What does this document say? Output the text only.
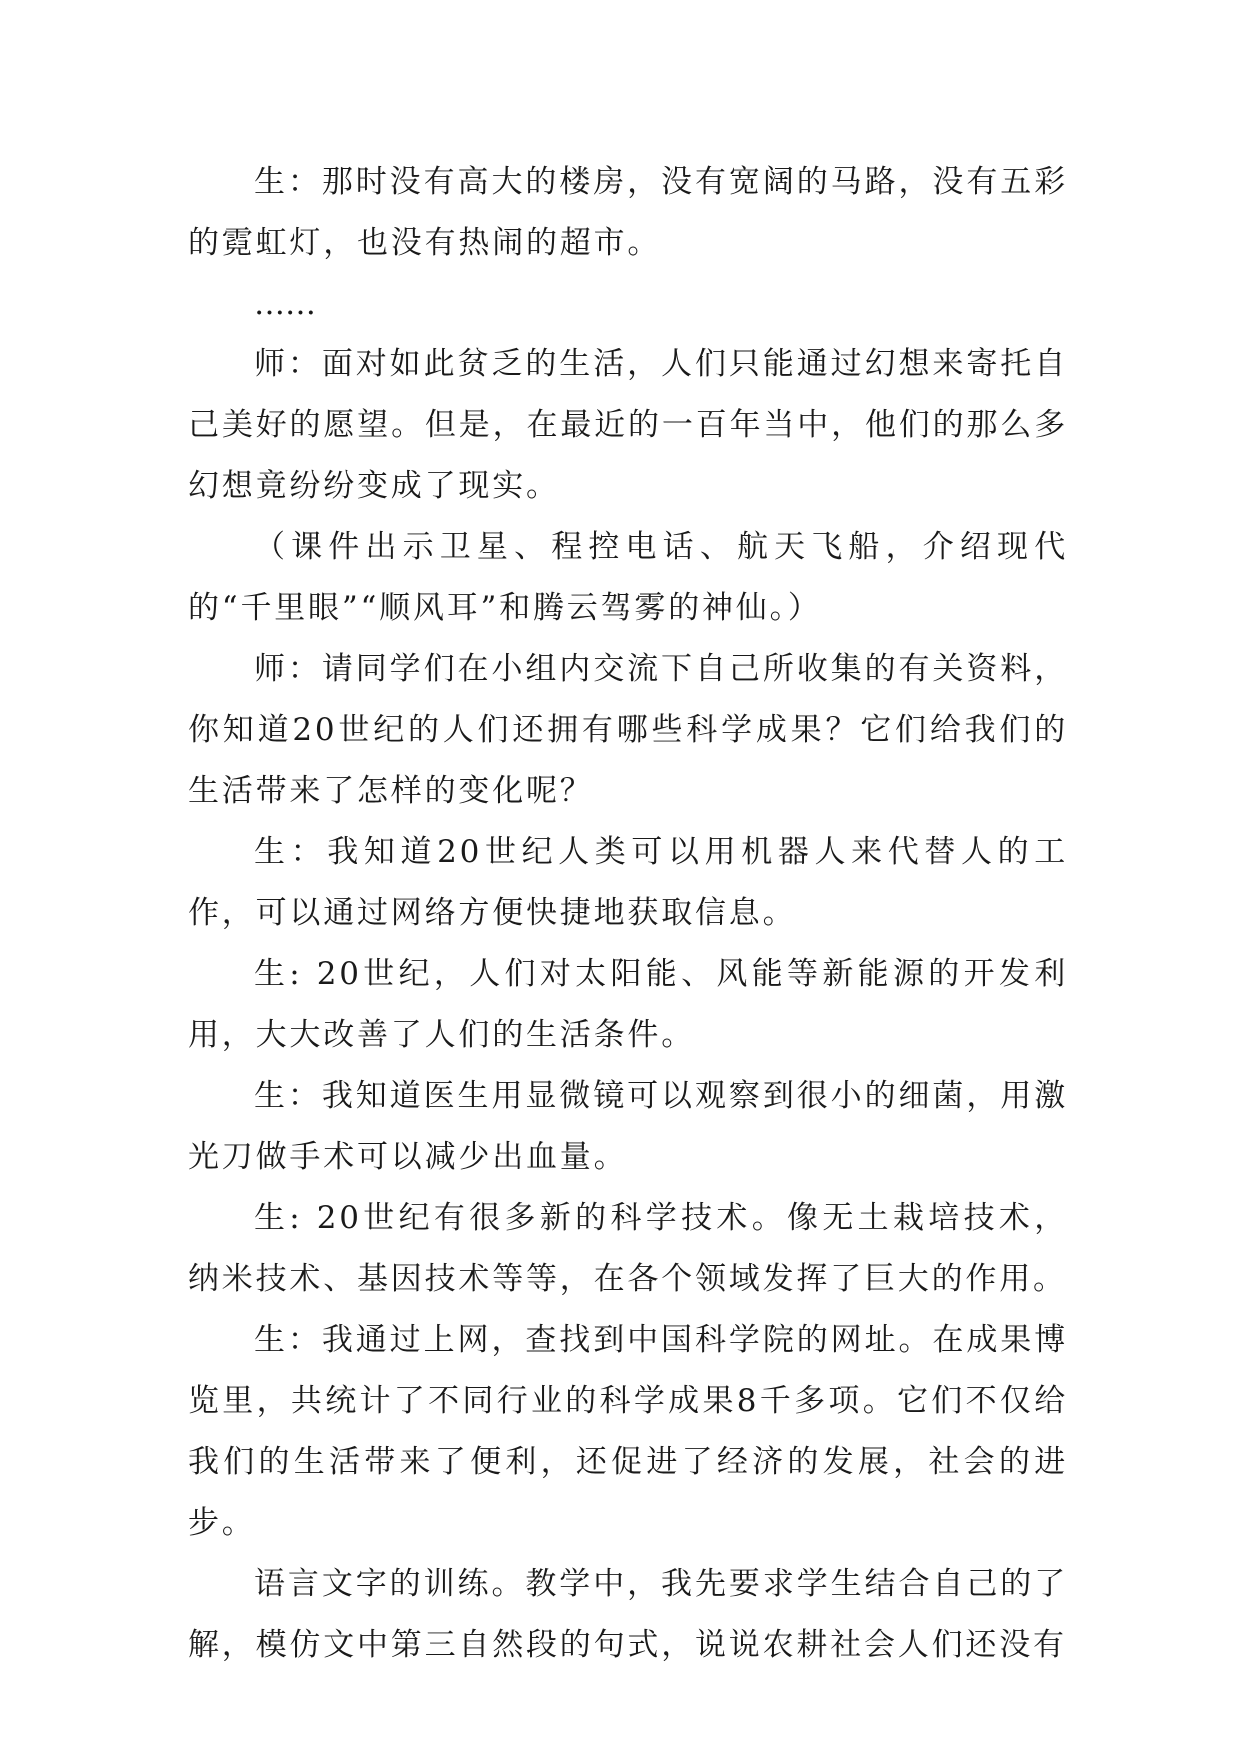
生：那时没有高大的楼房，没有宽阔的马路，没有五彩的霓虹灯，也没有热闹的超市。

……

师：面对如此贫乏的生活，人们只能通过幻想来寄托自己美好的愿望。但是，在最近的一百年当中，他们的那么多幻想竟纷纷变成了现实。

（课件出示卫星、程控电话、航天飞船，介绍现代的“千里眼”“顺风耳”和腾云驾雾的神仙。）

师：请同学们在小组内交流下自己所收集的有关资料，你知道20世纪的人们还拥有哪些科学成果？它们给我们的生活带来了怎样的变化呢？

生：我知道20世纪人类可以用机器人来代替人的工作，可以通过网络方便快捷地获取信息。

生: 20世纪，人们对太阳能、风能等新能源的开发利用，大大改善了人们的生活条件。

生：我知道医生用显微镜可以观察到很小的细菌，用激光刀做手术可以减少出血量。

生: 20世纪有很多新的科学技术。像无土栽培技术，纳米技术、基因技术等等，在各个领域发挥了巨大的作用。

生：我通过上网，查找到中国科学院的网址。在成果博览里，共统计了不同行业的科学成果8千多项。它们不仅给我们的生活带来了便利，还促进了经济的发展，社会的进步。

语言文字的训练。教学中，我先要求学生结合自己的了解，模仿文中第三自然段的句式，说说农耕社会人们还没有
